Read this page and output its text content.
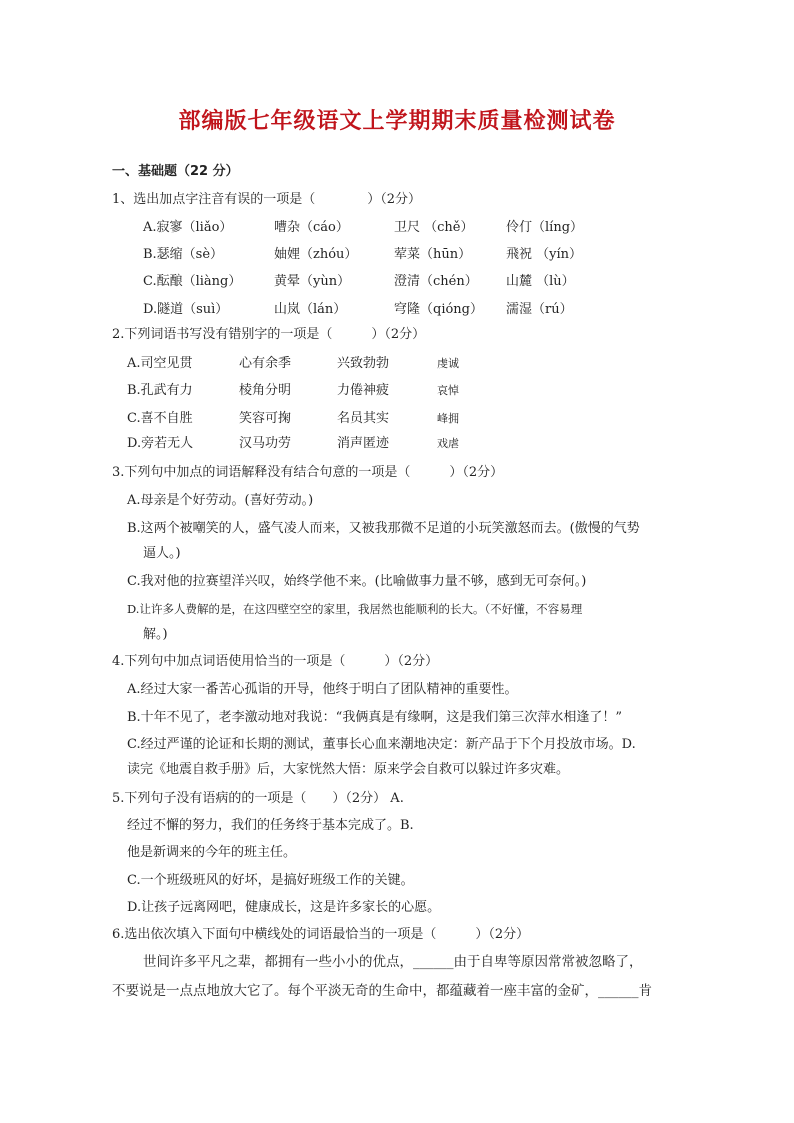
部编版七年级语文上学期期末质量检测试卷
一、基础题（22 分）
1、选出加点字注音有误的一项是（　　　　）（2分）
A.寂寥（liǎo）	嘈杂（cáo）	卫尺 （chě）	伶仃（líng）
B.瑟缩（sè）	妯娌（zhóu）	荤菜（hūn）	飛祝 （yín）
C.酝酿（liàng）	黄晕（yùn）	澄清（chén） 山麓 （lù）
D.隧道（suì）	山岚（lán）	穹隆（qióng） 濡湿（rú）
2.下列词语书写没有错别字的一项是（　　　）（2分）
A.司空见贯	心有余季	兴致勃勃	虔诚
B.孔武有力	棱角分明	力倦神疲	哀悼
C.喜不自胜	笑容可掬	名员其实	峰拥
D.旁若无人	汉马功劳	消声匿迹	戏虐
3.下列句中加点的词语解释没有结合句意的一项是（　　　）（2分）
A.母亲是个好劳动。(喜好劳动。)
B.这两个被嘲笑的人，盛气凌人而来，又被我那微不足道的小玩笑激怒而去。(傲慢的气势
逼人。)
C.我对他的拉赛望洋兴叹，始终学他不来。(比喻做事力量不够，感到无可奈何。)
D.让许多人费解的是，在这四壁空空的家里，我居然也能顺利的长大。（不好懂，不容易理
解。)
4.下列句中加点词语使用恰当的一项是（　　　）（2分）
A.经过大家一番苦心孤诣的开导，他终于明白了团队精神的重要性。
B.十年不见了，老李激动地对我说：“我俩真是有缘啊，这是我们第三次萍水相逢了！”
C.经过严谨的论证和长期的测试，董事长心血来潮地决定：新产品于下个月投放市场。D.
读完《地震自救手册》后，大家恍然大悟：原来学会自救可以躲过许多灾难。
5.下列句子没有语病的的一项是（　　）（2分） A.
经过不懈的努力，我们的任务终于基本完成了。B.
他是新调来的今年的班主任。
C.一个班级班风的好坏，是搞好班级工作的关键。
D.让孩子远离网吧，健康成长，这是许多家长的心愿。
6.选出依次填入下面句中横线处的词语最恰当的一项是（　　　）（2分）
世间许多平凡之辈，都拥有一些小小的优点，______由于自卑等原因常常被忽略了，
不要说是一点点地放大它了。每个平淡无奇的生命中，都蕴藏着一座丰富的金矿，______肯
